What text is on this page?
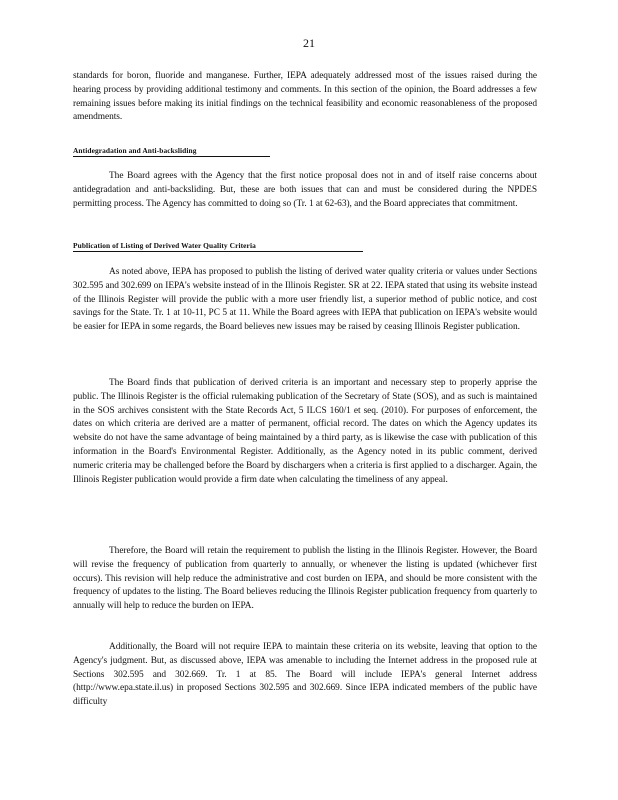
21

standards for boron, fluoride and manganese. Further, IEPA adequately addressed most of the issues raised during the hearing process by providing additional testimony and comments. In this section of the opinion, the Board addresses a few remaining issues before making its initial findings on the technical feasibility and economic reasonableness of the proposed amendments.

Antidegradation and Anti-backsliding

The Board agrees with the Agency that the first notice proposal does not in and of itself raise concerns about antidegradation and anti-backsliding. But, these are both issues that can and must be considered during the NPDES permitting process. The Agency has committed to doing so (Tr. 1 at 62-63), and the Board appreciates that commitment.

Publication of Listing of Derived Water Quality Criteria

As noted above, IEPA has proposed to publish the listing of derived water quality criteria or values under Sections 302.595 and 302.699 on IEPA's website instead of in the Illinois Register. SR at 22. IEPA stated that using its website instead of the Illinois Register will provide the public with a more user friendly list, a superior method of public notice, and cost savings for the State. Tr. 1 at 10-11, PC 5 at 11. While the Board agrees with IEPA that publication on IEPA's website would be easier for IEPA in some regards, the Board believes new issues may be raised by ceasing Illinois Register publication.

The Board finds that publication of derived criteria is an important and necessary step to properly apprise the public. The Illinois Register is the official rulemaking publication of the Secretary of State (SOS), and as such is maintained in the SOS archives consistent with the State Records Act, 5 ILCS 160/1 et seq. (2010). For purposes of enforcement, the dates on which criteria are derived are a matter of permanent, official record. The dates on which the Agency updates its website do not have the same advantage of being maintained by a third party, as is likewise the case with publication of this information in the Board's Environmental Register. Additionally, as the Agency noted in its public comment, derived numeric criteria may be challenged before the Board by dischargers when a criteria is first applied to a discharger. Again, the Illinois Register publication would provide a firm date when calculating the timeliness of any appeal.

Therefore, the Board will retain the requirement to publish the listing in the Illinois Register. However, the Board will revise the frequency of publication from quarterly to annually, or whenever the listing is updated (whichever first occurs). This revision will help reduce the administrative and cost burden on IEPA, and should be more consistent with the frequency of updates to the listing. The Board believes reducing the Illinois Register publication frequency from quarterly to annually will help to reduce the burden on IEPA.

Additionally, the Board will not require IEPA to maintain these criteria on its website, leaving that option to the Agency's judgment. But, as discussed above, IEPA was amenable to including the Internet address in the proposed rule at Sections 302.595 and 302.669. Tr. 1 at 85. The Board will include IEPA's general Internet address (http://www.epa.state.il.us) in proposed Sections 302.595 and 302.669. Since IEPA indicated members of the public have difficulty
